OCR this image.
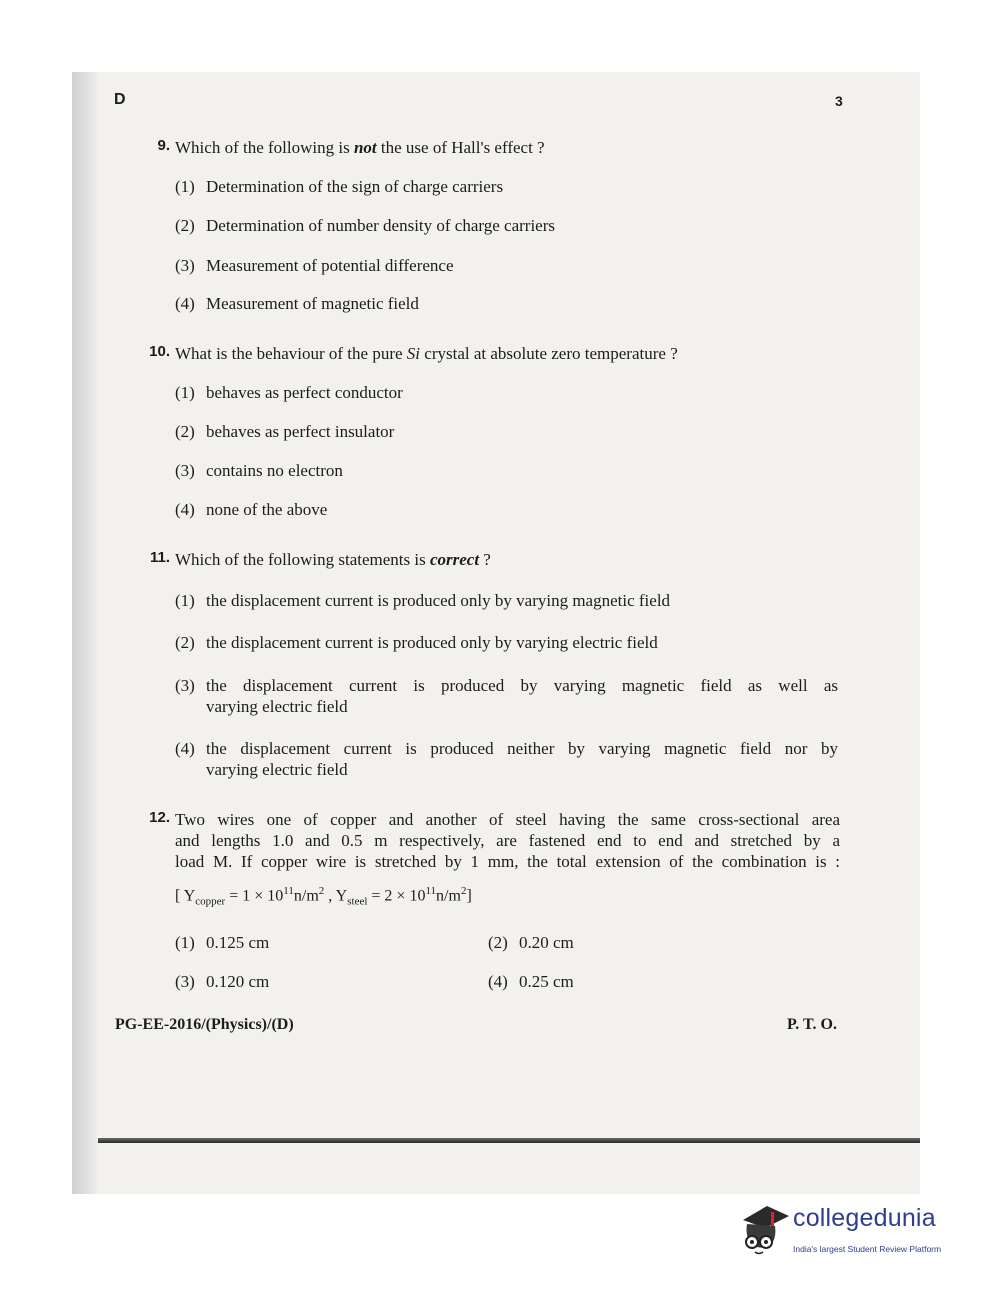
D	3
9. Which of the following is not the use of Hall's effect ?
(1) Determination of the sign of charge carriers
(2) Determination of number density of charge carriers
(3) Measurement of potential difference
(4) Measurement of magnetic field
10. What is the behaviour of the pure Si crystal at absolute zero temperature ?
(1) behaves as perfect conductor
(2) behaves as perfect insulator
(3) contains no electron
(4) none of the above
11. Which of the following statements is correct ?
(1) the displacement current is produced only by varying magnetic field
(2) the displacement current is produced only by varying electric field
(3) the displacement current is produced by varying magnetic field as well as
varying electric field
(4) the displacement current is produced neither by varying magnetic field nor by
varying electric field
12. Two wires one of copper and another of steel having the same cross-sectional area
and lengths 1.0 and 0.5 m respectively, are fastened end to end and stretched by a
load M. If copper wire is stretched by 1 mm, the total extension of the combination is :
[ $Y_{copper} = 1 \times 10^{11}n/m^2$ , $Y_{steel} = 2 \times 10^{11}n/m^2$]
(1) 0.125 cm	(2) 0.20 cm
(3) 0.120 cm	(4) 0.25 cm
PG-EE-2016/(Physics)/(D)	P. T. O.
collegedunia
India's largest Student Review Platform
